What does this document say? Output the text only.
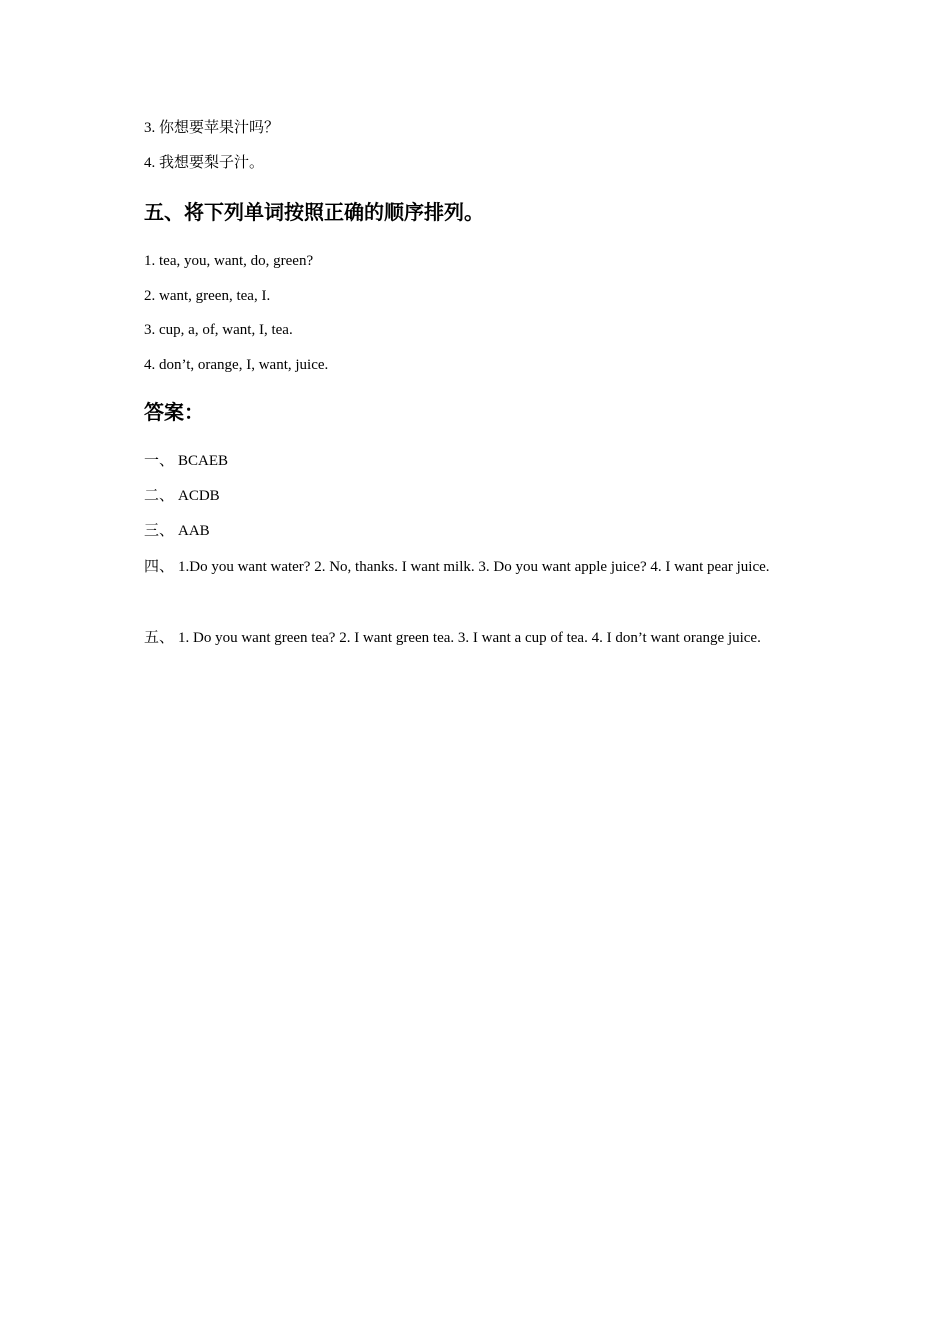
3. 你想要苹果汁吗？
4. 我想要梨子汁。
五、将下列单词按照正确的顺序排列。
1. tea, you, want, do, green?
2. want, green, tea, I.
3. cup, a, of, want, I, tea.
4. don’t, orange, I, want, juice.
答案：
一、 BCAEB
二、 ACDB
三、 AAB
四、 1.Do you want water? 2. No, thanks. I want milk. 3. Do you want apple juice? 4. I want pear juice.
五、 1. Do you want green tea? 2. I want green tea. 3. I want a cup of tea. 4. I don’t want orange juice.
